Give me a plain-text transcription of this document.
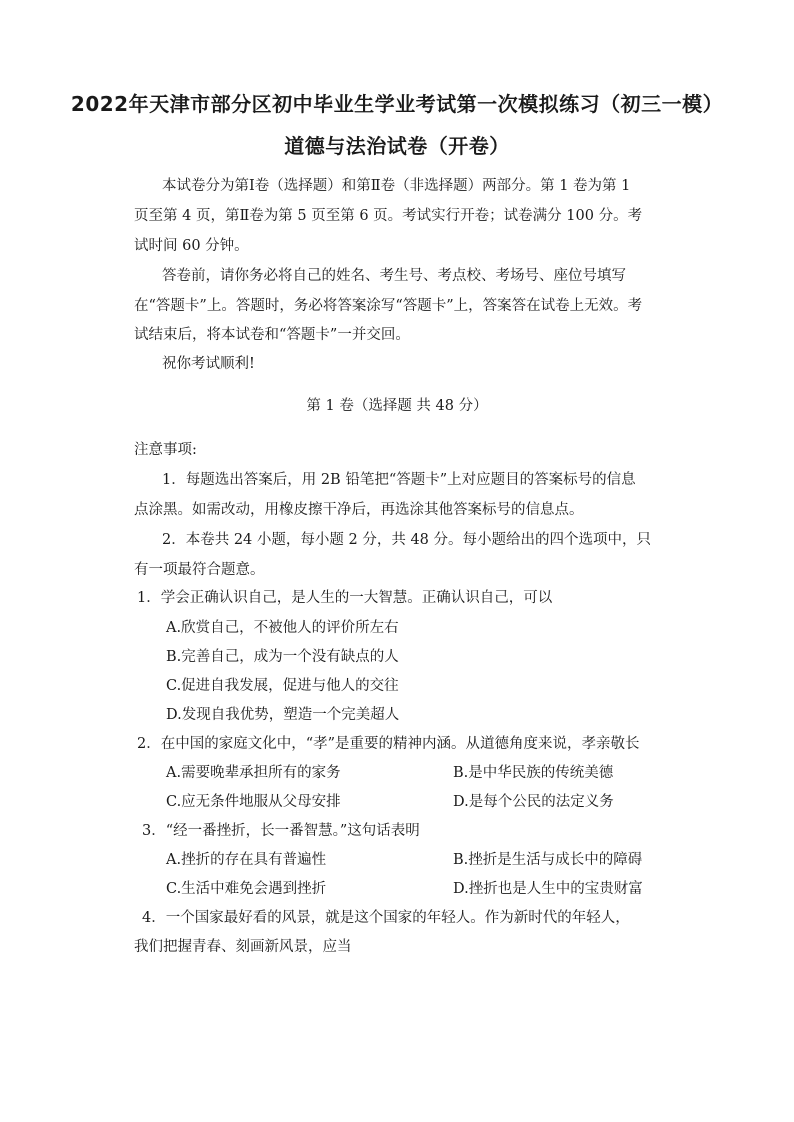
2022年天津市部分区初中毕业生学业考试第一次模拟练习（初三一模）
道德与法治试卷（开卷）
本试卷分为第Ⅰ卷（选择题）和第Ⅱ卷（非选择题）两部分。第 1 卷为第 1
页至第 4 页，第Ⅱ卷为第 5 页至第 6 页。考试实行开卷；试卷满分 100 分。考
试时间 60 分钟。
答卷前，请你务必将自己的姓名、考生号、考点校、考场号、座位号填写
在“答题卡”上。答题时，务必将答案涂写“答题卡”上，答案答在试卷上无效。考
试结束后，将本试卷和“答题卡”一并交回。
祝你考试顺利!
第 1 卷（选择题 共 48 分）
注意事项:
1．每题选出答案后，用 2B 铅笔把“答题卡”上对应题目的答案标号的信息
点涂黑。如需改动，用橡皮擦干净后，再选涂其他答案标号的信息点。
2．本卷共 24 小题，每小题 2 分，共 48 分。每小题给出的四个选项中，只
有一项最符合题意。
1．学会正确认识自己，是人生的一大智慧。正确认识自己，可以
A.欣赏自己，不被他人的评价所左右
B.完善自己，成为一个没有缺点的人
C.促进自我发展，促进与他人的交往
D.发现自我优势，塑造一个完美超人
2．在中国的家庭文化中，“孝”是重要的精神内涵。从道德角度来说，孝亲敬长
A.需要晚辈承担所有的家务	B.是中华民族的传统美德
C.应无条件地服从父母安排	D.是每个公民的法定义务
3．“经一番挫折，长一番智慧。”这句话表明
A.挫折的存在具有普遍性	B.挫折是生活与成长中的障碍
C.生活中难免会遇到挫折	D.挫折也是人生中的宝贵财富
4．一个国家最好看的风景，就是这个国家的年轻人。作为新时代的年轻人，
我们把握青春、刻画新风景，应当
